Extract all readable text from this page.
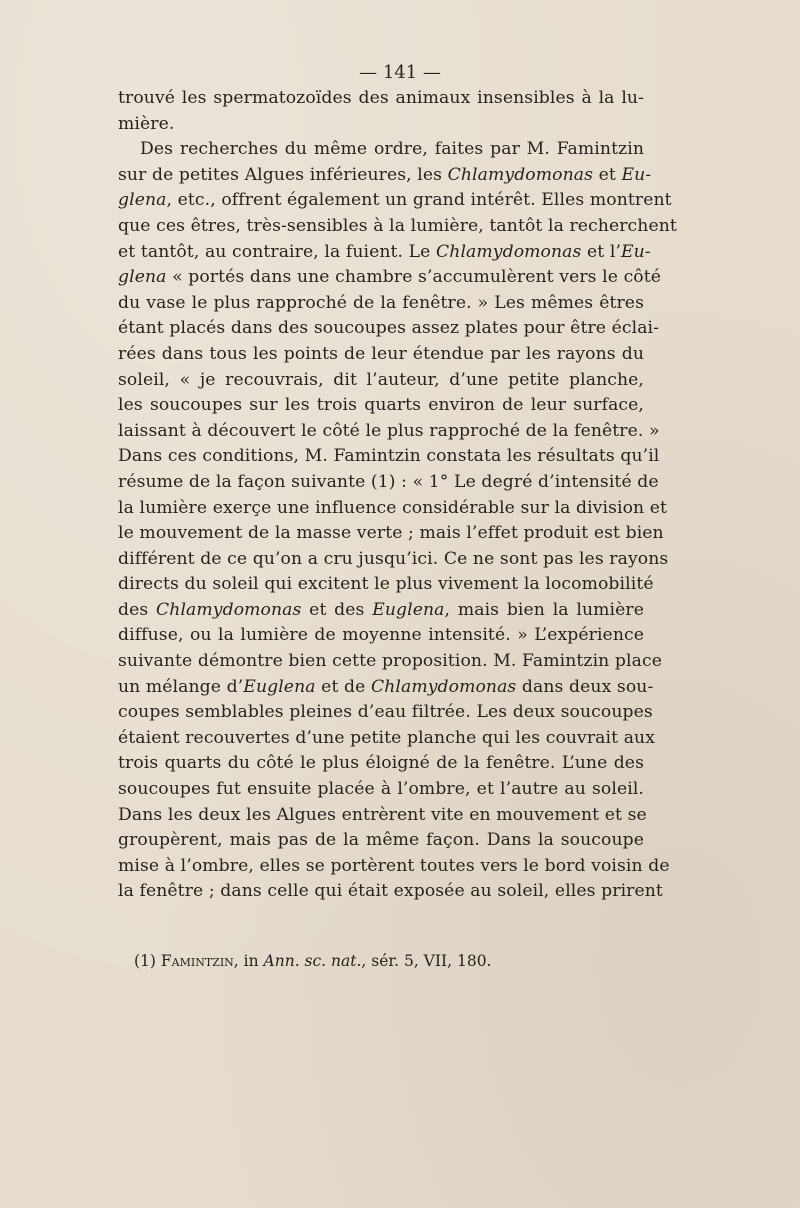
— 141 —
trouvé les spermatozoïdes des animaux insensibles à la lu-
mière.
Des recherches du même ordre, faites par M. Famintzin
sur de petites Algues inférieures, les Chlamydomonas et Eu-
glena, etc., offrent également un grand intérêt. Elles montrent
que ces êtres, très-sensibles à la lumière, tantôt la recherchent
et tantôt, au contraire, la fuient. Le Chlamydomonas et l’Eu-
glena « portés dans une chambre s’accumulèrent vers le côté
du vase le plus rapproché de la fenêtre. » Les mêmes êtres
étant placés dans des soucoupes assez plates pour être éclai-
rées dans tous les points de leur étendue par les rayons du
soleil, « je recouvrais, dit l’auteur, d’une petite planche,
les soucoupes sur les trois quarts environ de leur surface,
laissant à découvert le côté le plus rapproché de la fenêtre. »
Dans ces conditions, M. Famintzin constata les résultats qu’il
résume de la façon suivante (1) : « 1° Le degré d’intensité de
la lumière exerçe une influence considérable sur la division et
le mouvement de la masse verte ; mais l’effet produit est bien
différent de ce qu’on a cru jusqu’ici. Ce ne sont pas les rayons
directs du soleil qui excitent le plus vivement la locomobilité
des Chlamydomonas et des Euglena, mais bien la lumière
diffuse, ou la lumière de moyenne intensité. » L’expérience
suivante démontre bien cette proposition. M. Famintzin place
un mélange d’Euglena et de Chlamydomonas dans deux sou-
coupes semblables pleines d’eau filtrée. Les deux soucoupes
étaient recouvertes d’une petite planche qui les couvrait aux
trois quarts du côté le plus éloigné de la fenêtre. L’une des
soucoupes fut ensuite placée à l’ombre, et l’autre au soleil.
Dans les deux les Algues entrèrent vite en mouvement et se
groupèrent, mais pas de la même façon. Dans la soucoupe
mise à l’ombre, elles se portèrent toutes vers le bord voisin de
la fenêtre ; dans celle qui était exposée au soleil, elles prirent
(1) Famintzin, in Ann. sc. nat., sér. 5, VII, 180.
